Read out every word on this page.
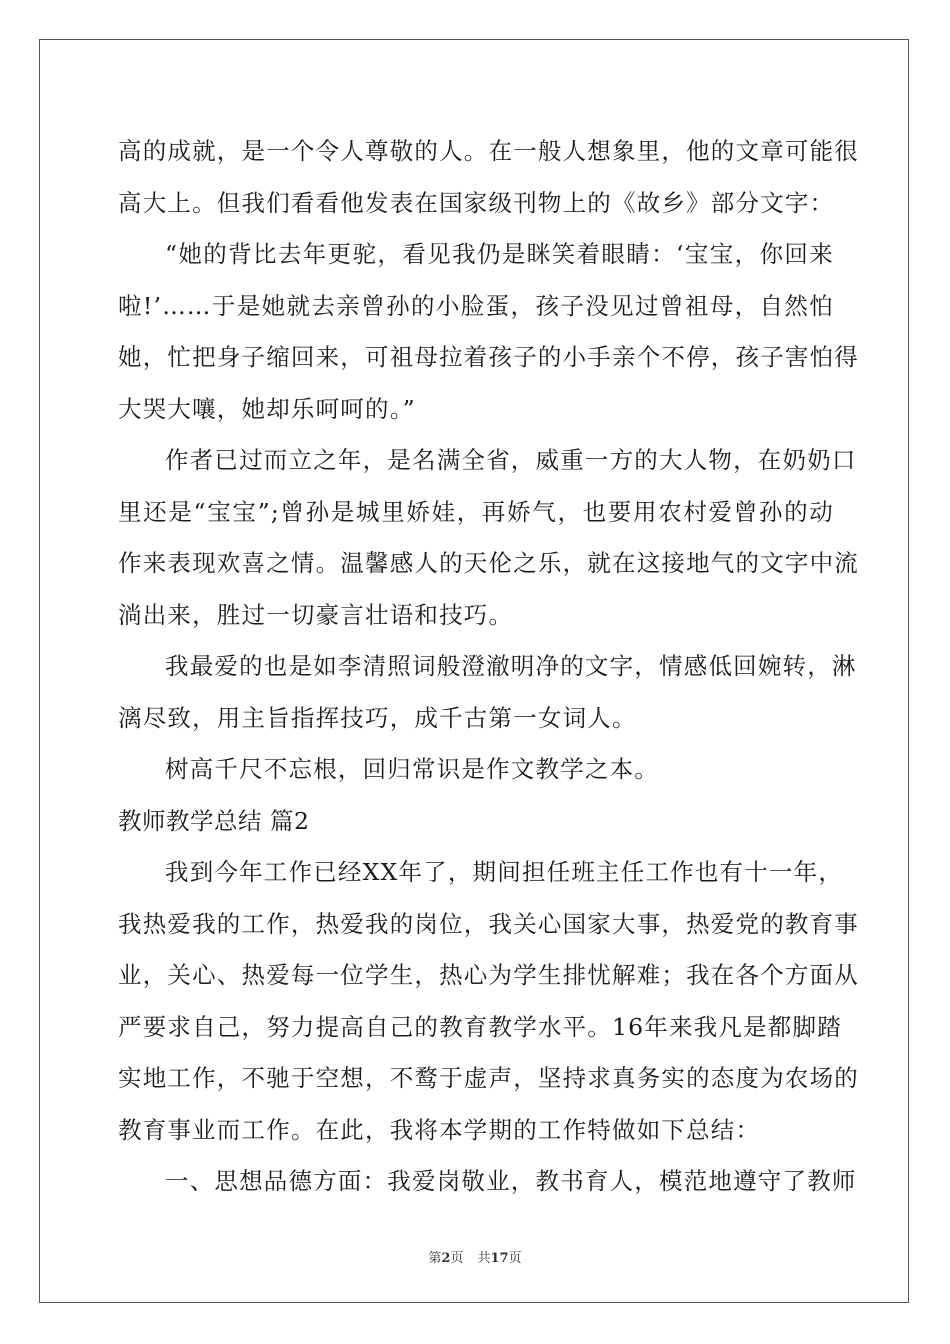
高的成就，是一个令人尊敬的人。在一般人想象里，他的文章可能很
高大上。但我们看看他发表在国家级刊物上的《故乡》部分文字：
“她的背比去年更驼，看见我仍是眯笑着眼睛：‘宝宝，你回来
啦!’……于是她就去亲曾孙的小脸蛋，孩子没见过曾祖母，自然怕
她，忙把身子缩回来，可祖母拉着孩子的小手亲个不停，孩子害怕得
大哭大嚷，她却乐呵呵的。”
作者已过而立之年，是名满全省，威重一方的大人物，在奶奶口
里还是“宝宝”;曾孙是城里娇娃，再娇气，也要用农村爱曾孙的动
作来表现欢喜之情。温馨感人的天伦之乐，就在这接地气的文字中流
淌出来，胜过一切豪言壮语和技巧。
我最爱的也是如李清照词般澄澈明净的文字，情感低回婉转，淋
漓尽致，用主旨指挥技巧，成千古第一女词人。
树高千尺不忘根，回归常识是作文教学之本。
教师教学总结 篇2
我到今年工作已经XX年了，期间担任班主任工作也有十一年，
我热爱我的工作，热爱我的岗位，我关心国家大事，热爱党的教育事
业，关心、热爱每一位学生，热心为学生排忧解难；我在各个方面从
严要求自己，努力提高自己的教育教学水平。16年来我凡是都脚踏
实地工作，不驰于空想，不鹜于虚声，坚持求真务实的态度为农场的
教育事业而工作。在此，我将本学期的工作特做如下总结：
一、思想品德方面：我爱岗敬业，教书育人，模范地遵守了教师
第2页 共17页
